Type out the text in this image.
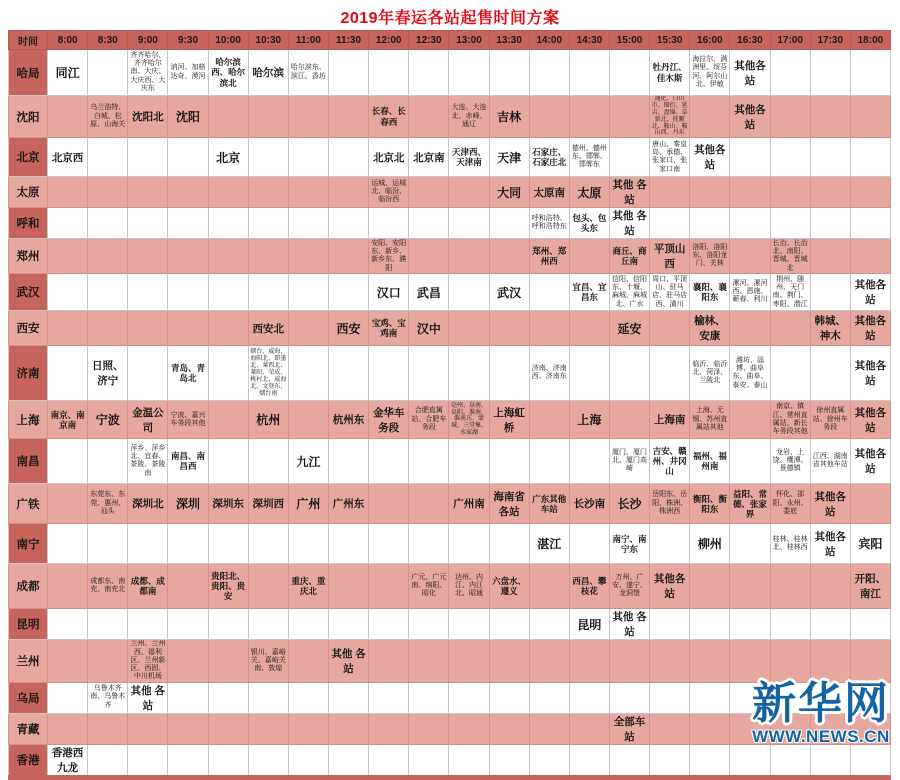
2019年春运各站起售时间方案
时间	8:00	8:30	9:00	9:30	10:00	10:30	11:00	11:30	12:00	12:30	13:00	13:30	14:00	14:30	15:00	15:30	16:00	16:30	17:00	17:30	18:00
哈局	同江		齐齐哈尔、齐齐哈尔南、大庆、大庆西、大庆东	讷河、加格达奇、漠河	哈尔滨西、哈尔滨北	哈尔滨	哈尔滨东、滨江、香坊									牡丹江、佳木斯	海拉尔、满洲里、绥芬河、阿尔山北、伊敏	其他各站			
沈阳		乌兰浩特、白城、松原、山海关	沈阳北	沈阳					长春、长春西		大连、大连北、赤峰、通辽	吉林				通化、白山市、图们、延吉、盘锦、阜新北、抚顺北、鞍山、鞍山西、丹东		其他各站			
北京	北京西				北京				北京北	北京南	天津西、天津南	天津	石家庄、石家庄北	德州、德州东、邯郸、邯郸东		唐山、秦皇岛、承德、张家口、张家口南	其他各站				
太原									运城、运城北、临汾、临汾西			大同	太原南	太原	其他 各站						
呼和													呼和浩特、呼和浩特东	包头、包头东	其他 各站						
郑州									安阳、安阳东、新乡、新乡东、濮阳				郑州、郑州西		商丘、商丘南	平顶山西	洛阳、洛阳东、洛阳龙门、关林		长治、长治北、南阳、晋城、晋城北		
武汉									汉口	武昌		武汉		宜昌、宜昌东	信阳、信阳东、十堰、麻城、麻城北、广水	周口、平顶山、驻马店、驻马店西、潢川	襄阳、襄阳东	漯河、漯河西、恩施、蕲春、利川	荆州、随州、天门南、荆门、枣阳、潜江		其他各站
西安						西安北		西安	宝鸡、宝鸡南	汉中					延安		榆林、安康			韩城、神木	其他各站
济南		日照、济宁		青岛、青岛北		烟台、威海、海阳北、即墨北、莱西北、莱阳、荣成、桃村北、威海北、文登东、烟台南							济南、济南西、济南东				临沂、临沂北、菏泽、兰陵北	潍坊、淄博、曲阜东、曲阜、泰安、泰山			其他各站
上海	南京、南京南	宁波	金温公司	宁波、嘉兴车务段其他		杭州		杭州东	金华车务段	合肥直属站、合肥车务段	亳州、阜南、阜阳、淮南、淮南东、蒙城、三堂集、水家湖	上海虹桥		上海		上海南	上海、无锡、苏州直属站其他		南京、镇江、常州直属站、新长车务段其他	徐州直属站、徐州车务段	其他各站
南昌			萍乡、萍乡北、宜春、茶陵、茶陵南	南昌、南昌西			九江								厦门、厦门北、厦门高崎	吉安、赣州、井冈山	福州、福州南		龙岩、上饶、鹰潭、景德镇	江西、湖南省其他车站	其他各站
广铁		东莞东、东莞、惠州、汕头	深圳北	深圳	深圳东	深圳西	广州	广州东			广州南	海南省各站	广东其他车站	长沙南	长沙	岳阳东、岳阳、株洲、株洲西	衡阳、衡阳东	益阳、常德、张家界	怀化、邵阳、永州、娄底	其他各站	
南宁													湛江		南宁、南宁东		柳州		桂林、桂林北、桂林西	其他各站	宾阳
成都		成都东、南充、南充北	成都、成都南		贵阳北、贵阳、贵安		重庆、重庆北			广元、广元南、绵阳、昭化	达州、内江、内江北、昭通	六盘水、遵义		西昌、攀枝花	万州、广安、遂宁、龙洞堡	其他各站					开阳、南江
昆明														昆明	其他 各站						
兰州			兰州、兰州西、福利区、兰州新区、西固、中川机场			银川、嘉峪关、嘉峪关南、敦煌		其他 各站													
乌局		乌鲁木齐南、乌鲁木齐	其他 各站																		
青藏															全部车站						
香港	香港西九龙																				
新华网
WWW.NEWS.CN
